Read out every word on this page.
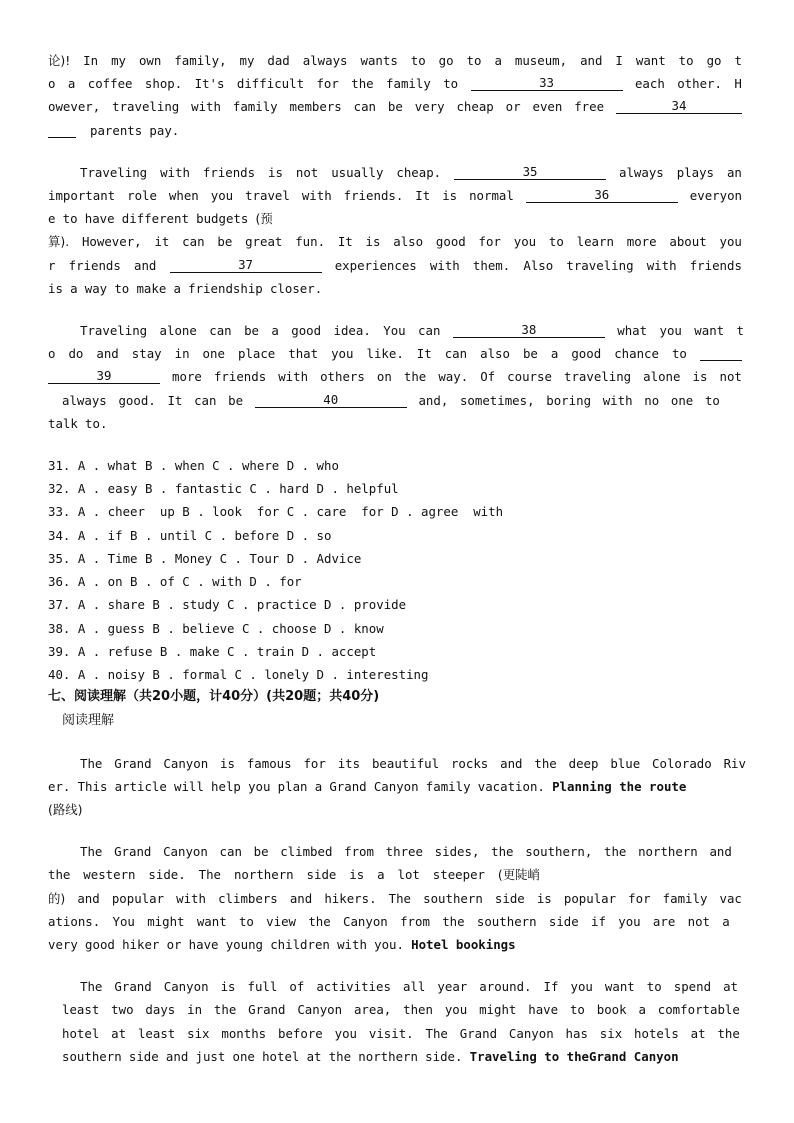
论)! In my own family, my dad always wants to go to a museum, and I want to go t
o a coffee shop. It's difficult for the family to	33	each other. H
owever, traveling with family members can be very cheap or even free	34
parents pay.
Traveling with friends is not usually cheap.	35	always plays an
important role when you travel with friends. It is normal	36	everyon
e to have different budgets (预
算). However, it can be great fun. It is also good for you to learn more about you
r friends and	37	experiences with them. Also traveling with friends
is a way to make a friendship closer.
Traveling alone can be a good idea. You can	38	what you want t
o do and stay in one place that you like. It can also be a good chance to
39	more friends with others on the way. Of course traveling alone is not
always good. It can be	40	and, sometimes, boring with no one to
talk to.
31. A . what B . when C . where D . who
32. A . easy B . fantastic C . hard D . helpful
33. A . cheer  up B . look  for C . care  for D . agree  with
34. A . if B . until C . before D . so
35. A . Time B . Money C . Tour D . Advice
36. A . on B . of C . with D . for
37. A . share B . study C . practice D . provide
38. A . guess B . believe C . choose D . know
39. A . refuse B . make C . train D . accept
40. A . noisy B . formal C . lonely D . interesting
七、阅读理解（共20小题，计40分）(共20题；共40分)
阅读理解
The Grand Canyon is famous for its beautiful rocks and the deep blue Colorado Riv
er. This article will help you plan a Grand Canyon family vacation. Planning the route
(路线)
The Grand Canyon can be climbed from three sides, the southern, the northern and
the western side. The northern side is a lot steeper (更陡峭
的) and popular with climbers and hikers. The southern side is popular for family vac
ations. You might want to view the Canyon from the southern side if you are not a
very good hiker or have young children with you. Hotel bookings
The Grand Canyon is full of activities all year around. If you want to spend at
least two days in the Grand Canyon area, then you might have to book a comfortable
hotel at least six months before you visit. The Grand Canyon has six hotels at the
southern side and just one hotel at the northern side. Traveling to theGrand Canyon
